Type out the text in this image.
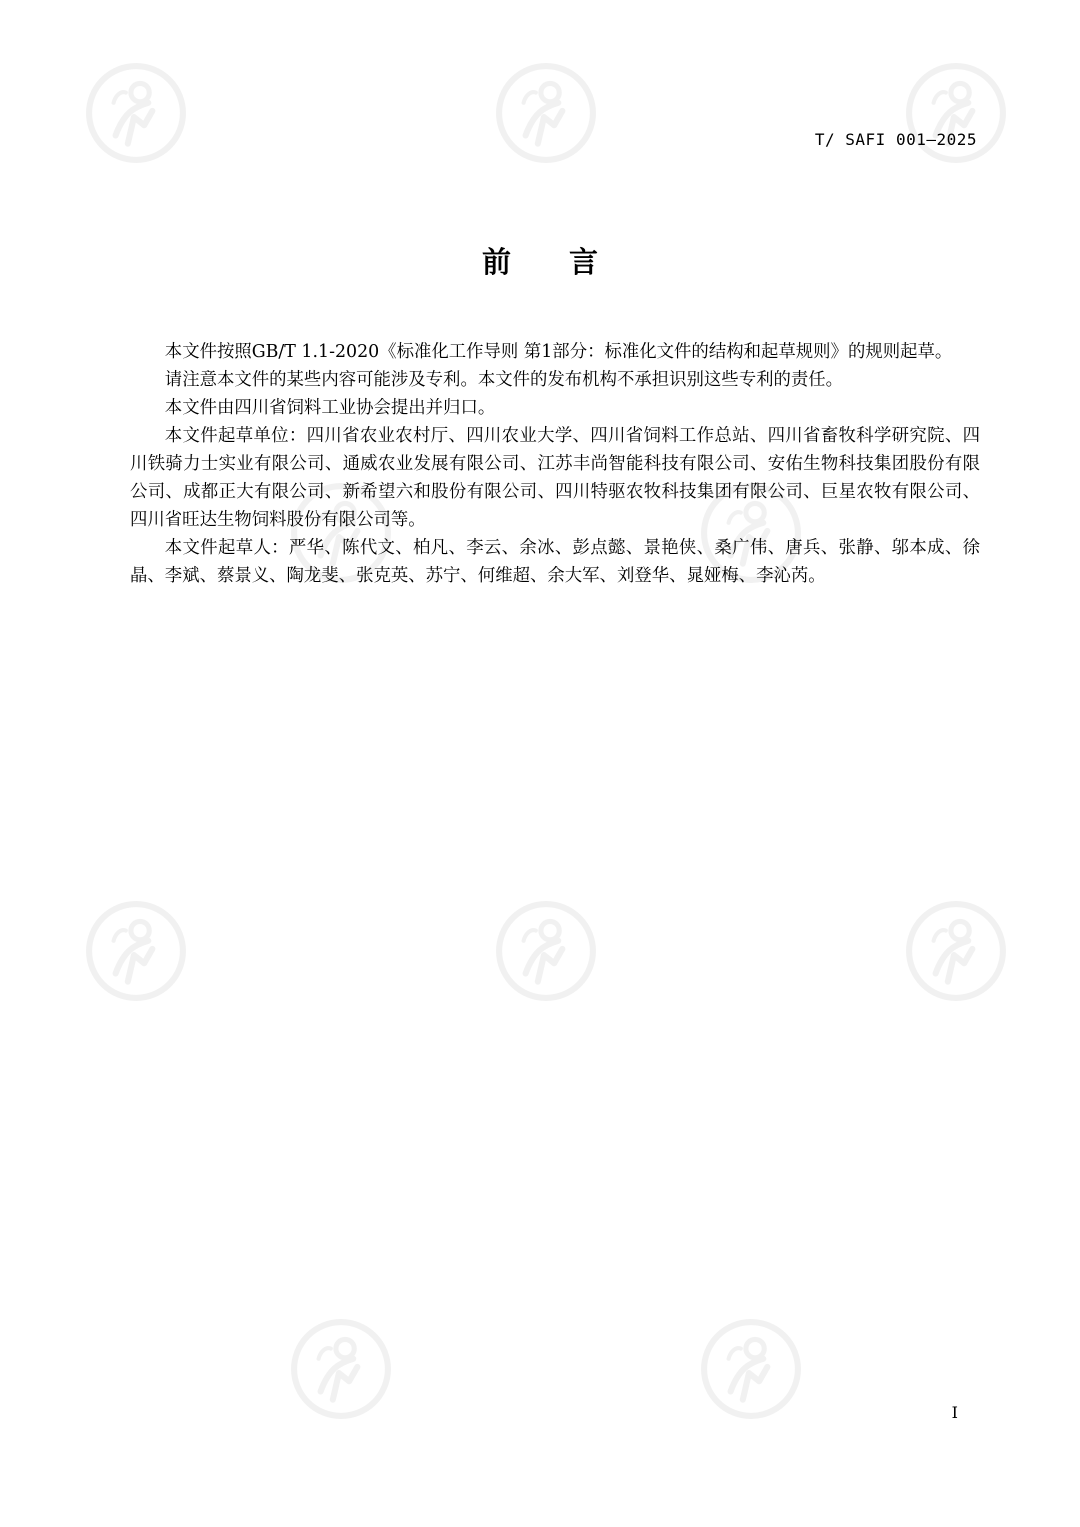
T/ SAFI 001—2025
前言

本文件按照GB/T 1.1-2020《标准化工作导则 第1部分：标准化文件的结构和起草规则》的规则起草。

请注意本文件的某些内容可能涉及专利。本文件的发布机构不承担识别这些专利的责任。

本文件由四川省饲料工业协会提出并归口。

本文件起草单位：四川省农业农村厅、四川农业大学、四川省饲料工作总站、四川省畜牧科学研究院、四川铁骑力士实业有限公司、通威农业发展有限公司、江苏丰尚智能科技有限公司、安佑生物科技集团股份有限公司、成都正大有限公司、新希望六和股份有限公司、四川特驱农牧科技集团有限公司、巨星农牧有限公司、四川省旺达生物饲料股份有限公司等。

本文件起草人：严华、陈代文、柏凡、李云、余冰、彭点懿、景艳侠、桑广伟、唐兵、张静、邬本成、徐晶、李斌、蔡景义、陶龙斐、张克英、苏宁、何维超、余大军、刘登华、晁娅梅、李沁芮。

I
